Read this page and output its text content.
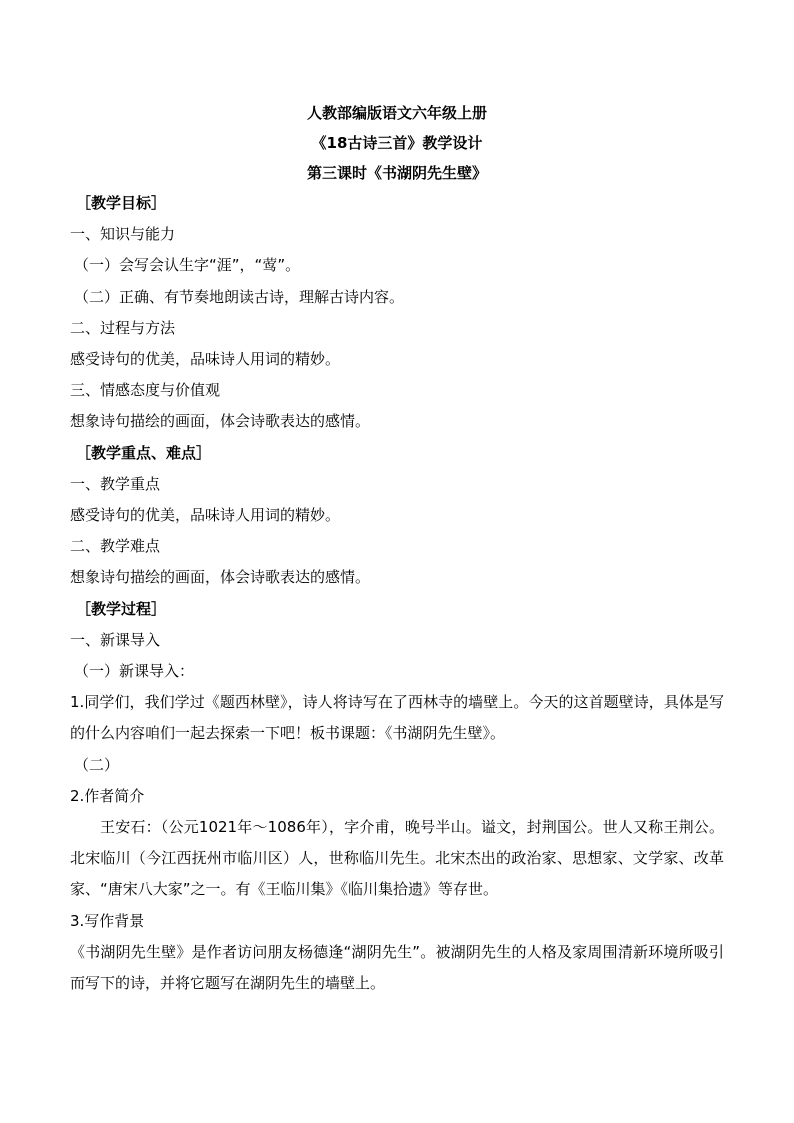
人教部编版语文六年级上册

《18古诗三首》教学设计

第三课时《书湖阴先生壁》

［教学目标］

一、知识与能力

（一）会写会认生字“涯”，“莺”。

（二）正确、有节奏地朗读古诗，理解古诗内容。

二、过程与方法

感受诗句的优美，品味诗人用词的精妙。

三、情感态度与价值观

想象诗句描绘的画面，体会诗歌表达的感情。

［教学重点、难点］

一、教学重点

感受诗句的优美，品味诗人用词的精妙。

二、教学难点

想象诗句描绘的画面，体会诗歌表达的感情。

［教学过程］

一、新课导入

（一）新课导入：

1.同学们，我们学过《题西林壁》，诗人将诗写在了西林寺的墙壁上。今天的这首题壁诗，具体是写的什么内容咱们一起去探索一下吧！板书课题：《书湖阴先生壁》。

（二）

2.作者简介

王安石：（公元1021年～1086年），字介甫，晚号半山。谥文，封荆国公。世人又称王荆公。北宋临川（今江西抚州市临川区）人，世称临川先生。北宋杰出的政治家、思想家、文学家、改革家、“唐宋八大家”之一。有《王临川集》《临川集拾遗》等存世。

3.写作背景

《书湖阴先生壁》是作者访问朋友杨德逢“湖阴先生”。被湖阴先生的人格及家周围清新环境所吸引而写下的诗，并将它题写在湖阴先生的墙壁上。
